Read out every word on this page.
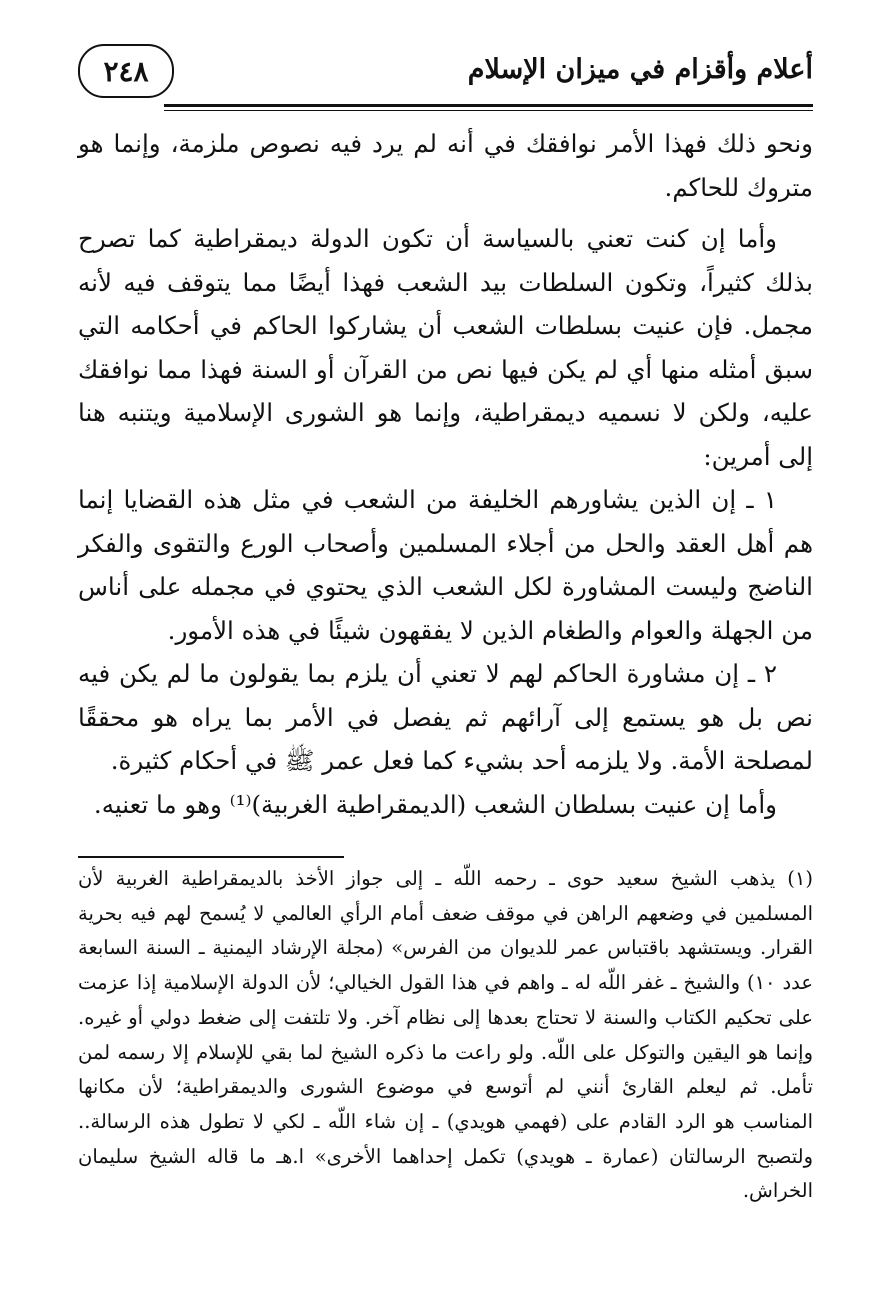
أعلام وأقزام في ميزان الإسلام
٢٤٨

ونحو ذلك فهذا الأمر نوافقك في أنه لم يرد فيه نصوص ملزمة، وإنما هو متروك للحاكم.

وأما إن كنت تعني بالسياسة أن تكون الدولة ديمقراطية كما تصرح بذلك كثيراً، وتكون السلطات بيد الشعب فهذا أيضًا مما يتوقف فيه لأنه مجمل. فإن عنيت بسلطات الشعب أن يشاركوا الحاكم في أحكامه التي سبق أمثله منها أي لم يكن فيها نص من القرآن أو السنة فهذا مما نوافقك عليه، ولكن لا نسميه ديمقراطية، وإنما هو الشورى الإسلامية ويتنبه هنا إلى أمرين:

١ ـ إن الذين يشاورهم الخليفة من الشعب في مثل هذه القضايا إنما هم أهل العقد والحل من أجلاء المسلمين وأصحاب الورع والتقوى والفكر الناضج وليست المشاورة لكل الشعب الذي يحتوي في مجمله على أناس من الجهلة والعوام والطغام الذين لا يفقهون شيئًا في هذه الأمور.

٢ ـ إن مشاورة الحاكم لهم لا تعني أن يلزم بما يقولون ما لم يكن فيه نص بل هو يستمع إلى آرائهم ثم يفصل في الأمر بما يراه هو محققًا لمصلحة الأمة. ولا يلزمه أحد بشيء كما فعل عمر ﷺ في أحكام كثيرة.

وأما إن عنيت بسلطان الشعب (الديمقراطية الغربية)⁽¹⁾ وهو ما تعنيه.

(١) يذهب الشيخ سعيد حوى ـ رحمه اللّه ـ إلى جواز الأخذ بالديمقراطية الغربية لأن المسلمين في وضعهم الراهن في موقف ضعف أمام الرأي العالمي لا يُسمح لهم فيه بحرية القرار. ويستشهد باقتباس عمر للديوان من الفرس» (مجلة الإرشاد اليمنية ـ السنة السابعة عدد ١٠) والشيخ ـ غفر اللّه له ـ واهم في هذا القول الخيالي؛ لأن الدولة الإسلامية إذا عزمت على تحكيم الكتاب والسنة لا تحتاج بعدها إلى نظام آخر. ولا تلتفت إلى ضغط دولي أو غيره. وإنما هو اليقين والتوكل على اللّه. ولو راعت ما ذكره الشيخ لما بقي للإسلام إلا رسمه لمن تأمل. ثم ليعلم القارئ أنني لم أتوسع في موضوع الشورى والديمقراطية؛ لأن مكانها المناسب هو الرد القادم على (فهمي هويدي) ـ إن شاء اللّه ـ لكي لا تطول هذه الرسالة.. ولتصبح الرسالتان (عمارة ـ هويدي) تكمل إحداهما الأخرى» ا.هـ ما قاله الشيخ سليمان الخراش.
